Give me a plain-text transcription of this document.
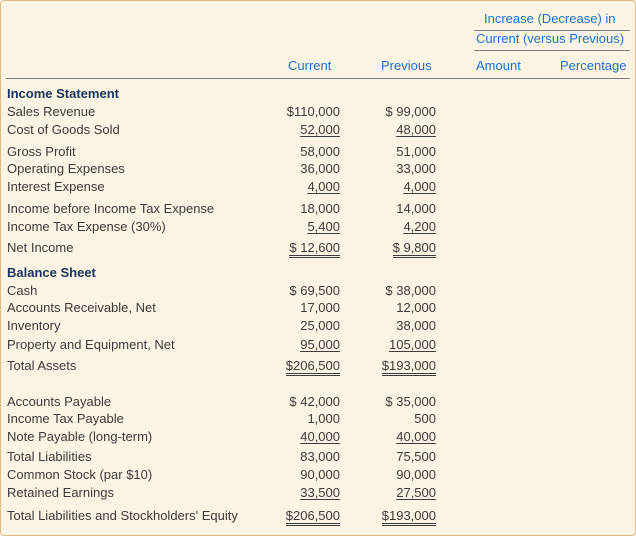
Increase (Decrease) in
Current (versus Previous)
Current	Previous	Amount	Percentage
Income Statement
Sales Revenue	$110,000	$ 99,000
Cost of Goods Sold	52,000	48,000
Gross Profit	58,000	51,000
Operating Expenses	36,000	33,000
Interest Expense	4,000	4,000
Income before Income Tax Expense	18,000	14,000
Income Tax Expense (30%)	5,400	4,200
Net Income	$ 12,600	$ 9,800
Balance Sheet
Cash	$ 69,500	$ 38,000
Accounts Receivable, Net	17,000	12,000
Inventory	25,000	38,000
Property and Equipment, Net	95,000	105,000
Total Assets	$206,500	$193,000
Accounts Payable	$ 42,000	$ 35,000
Income Tax Payable	1,000	500
Note Payable (long-term)	40,000	40,000
Total Liabilities	83,000	75,500
Common Stock (par $10)	90,000	90,000
Retained Earnings	33,500	27,500
Total Liabilities and Stockholders' Equity	$206,500	$193,000
